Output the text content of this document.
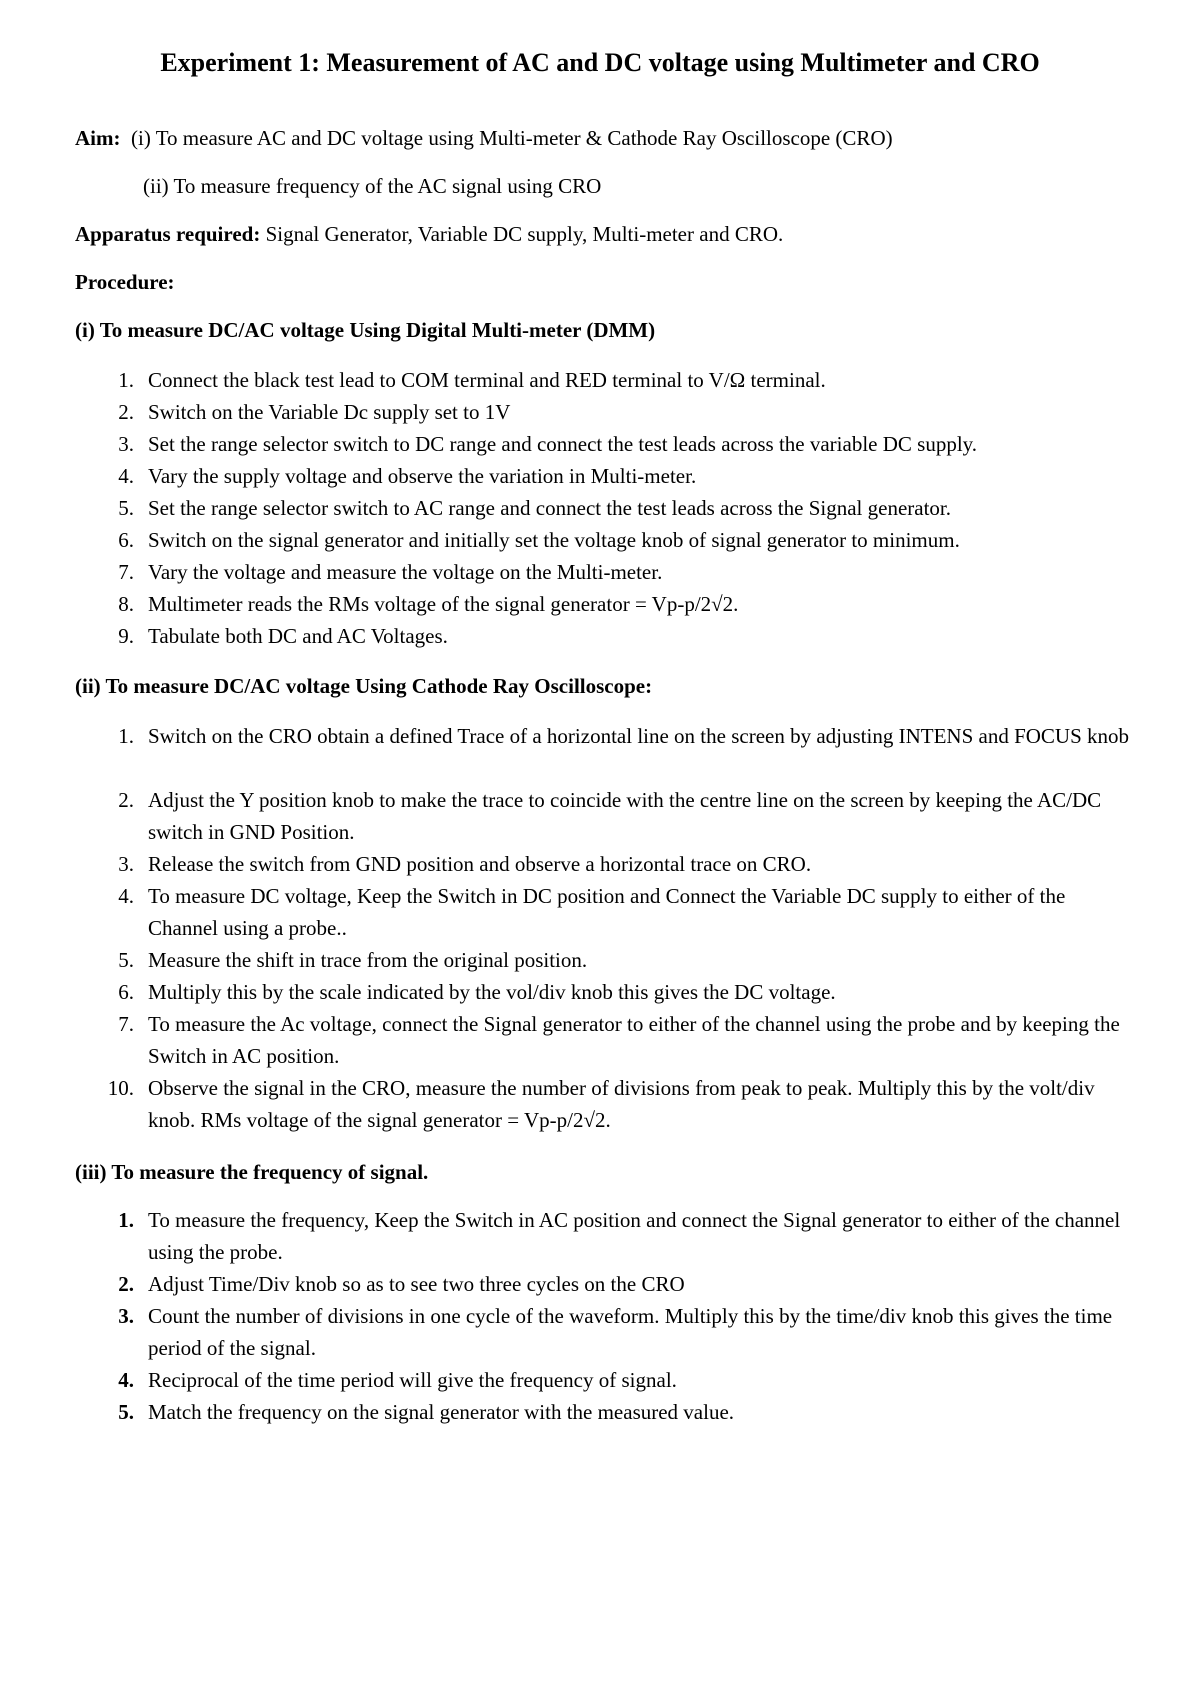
Experiment 1: Measurement of AC and DC voltage using Multimeter and CRO
Aim: (i) To measure AC and DC voltage using Multi-meter & Cathode Ray Oscilloscope (CRO)
(ii) To measure frequency of the AC signal using CRO
Apparatus required: Signal Generator, Variable DC supply, Multi-meter and CRO.
Procedure:
(i) To measure DC/AC voltage Using Digital Multi-meter (DMM)
1. Connect the black test lead to COM terminal and RED terminal to V/Ω terminal.
2. Switch on the Variable Dc supply set to 1V
3. Set the range selector switch to DC range and connect the test leads across the variable DC supply.
4. Vary the supply voltage and observe the variation in Multi-meter.
5. Set the range selector switch to AC range and connect the test leads across the Signal generator.
6. Switch on the signal generator and initially set the voltage knob of signal generator to minimum.
7. Vary the voltage and measure the voltage on the Multi-meter.
8. Multimeter reads the RMs voltage of the signal generator = Vp-p/2√2.
9. Tabulate both DC and AC Voltages.
(ii) To measure DC/AC voltage Using Cathode Ray Oscilloscope:
1. Switch on the CRO obtain a defined Trace of a horizontal line on the screen by adjusting INTENS and FOCUS knob
2. Adjust the Y position knob to make the trace to coincide with the centre line on the screen by keeping the AC/DC switch in GND Position.
3. Release the switch from GND position and observe a horizontal trace on CRO.
4. To measure DC voltage, Keep the Switch in DC position and Connect the Variable DC supply to either of the Channel using a probe..
5. Measure the shift in trace from the original position.
6. Multiply this by the scale indicated by the vol/div knob this gives the DC voltage.
7. To measure the Ac voltage, connect the Signal generator to either of the channel using the probe and by keeping the Switch in AC position.
10. Observe the signal in the CRO, measure the number of divisions from peak to peak. Multiply this by the volt/div knob. RMs voltage of the signal generator = Vp-p/2√2.
(iii) To measure the frequency of signal.
1. To measure the frequency, Keep the Switch in AC position and connect the Signal generator to either of the channel using the probe.
2. Adjust Time/Div knob so as to see two three cycles on the CRO
3. Count the number of divisions in one cycle of the waveform. Multiply this by the time/div knob this gives the time period of the signal.
4. Reciprocal of the time period will give the frequency of signal.
5. Match the frequency on the signal generator with the measured value.
